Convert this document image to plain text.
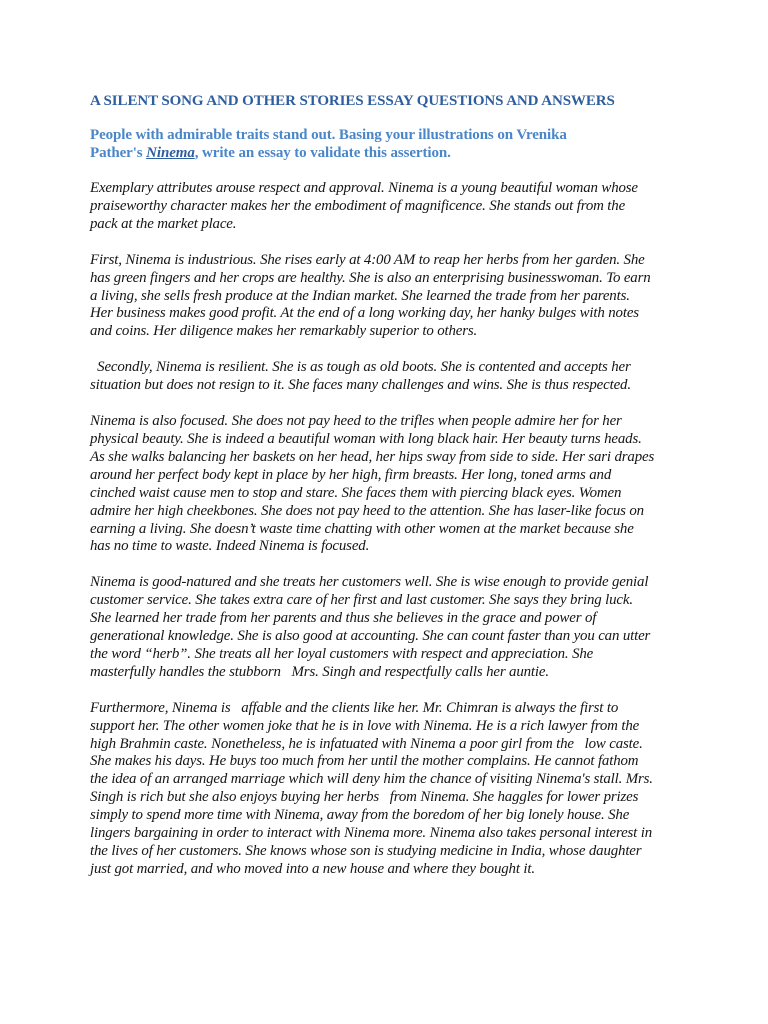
A SILENT SONG AND OTHER STORIES ESSAY QUESTIONS AND ANSWERS
People with admirable traits stand out. Basing your illustrations on Vrenika
Pather's Ninema, write an essay to validate this assertion.

Exemplary attributes arouse respect and approval. Ninema is a young beautiful woman whose
praiseworthy character makes her the embodiment of magnificence. She stands out from the
pack at the market place.

First, Ninema is industrious. She rises early at 4:00 AM to reap her herbs from her garden. She
has green fingers and her crops are healthy. She is also an enterprising businesswoman. To earn
a living, she sells fresh produce at the Indian market. She learned the trade from her parents.
Her business makes good profit. At the end of a long working day, her hanky bulges with notes
and coins. Her diligence makes her remarkably superior to others.

Secondly, Ninema is resilient. She is as tough as old boots. She is contented and accepts her
situation but does not resign to it. She faces many challenges and wins. She is thus respected.

Ninema is also focused. She does not pay heed to the trifles when people admire her for her
physical beauty. She is indeed a beautiful woman with long black hair. Her beauty turns heads.
As she walks balancing her baskets on her head, her hips sway from side to side. Her sari drapes
around her perfect body kept in place by her high, firm breasts. Her long, toned arms and
cinched waist cause men to stop and stare. She faces them with piercing black eyes. Women
admire her high cheekbones. She does not pay heed to the attention. She has laser-like focus on
earning a living. She doesn’t waste time chatting with other women at the market because she
has no time to waste. Indeed Ninema is focused.

Ninema is good-natured and she treats her customers well. She is wise enough to provide genial
customer service. She takes extra care of her first and last customer. She says they bring luck.
She learned her trade from her parents and thus she believes in the grace and power of
generational knowledge. She is also good at accounting. She can count faster than you can utter
the word “herb”. She treats all her loyal customers with respect and appreciation. She
masterfully handles the stubborn   Mrs. Singh and respectfully calls her auntie.

Furthermore, Ninema is   affable and the clients like her. Mr. Chimran is always the first to
support her. The other women joke that he is in love with Ninema. He is a rich lawyer from the
high Brahmin caste. Nonetheless, he is infatuated with Ninema a poor girl from the   low caste.
She makes his days. He buys too much from her until the mother complains. He cannot fathom
the idea of an arranged marriage which will deny him the chance of visiting Ninema's stall. Mrs.
Singh is rich but she also enjoys buying her herbs   from Ninema. She haggles for lower prizes
simply to spend more time with Ninema, away from the boredom of her big lonely house. She
lingers bargaining in order to interact with Ninema more. Ninema also takes personal interest in
the lives of her customers. She knows whose son is studying medicine in India, whose daughter
just got married, and who moved into a new house and where they bought it.
